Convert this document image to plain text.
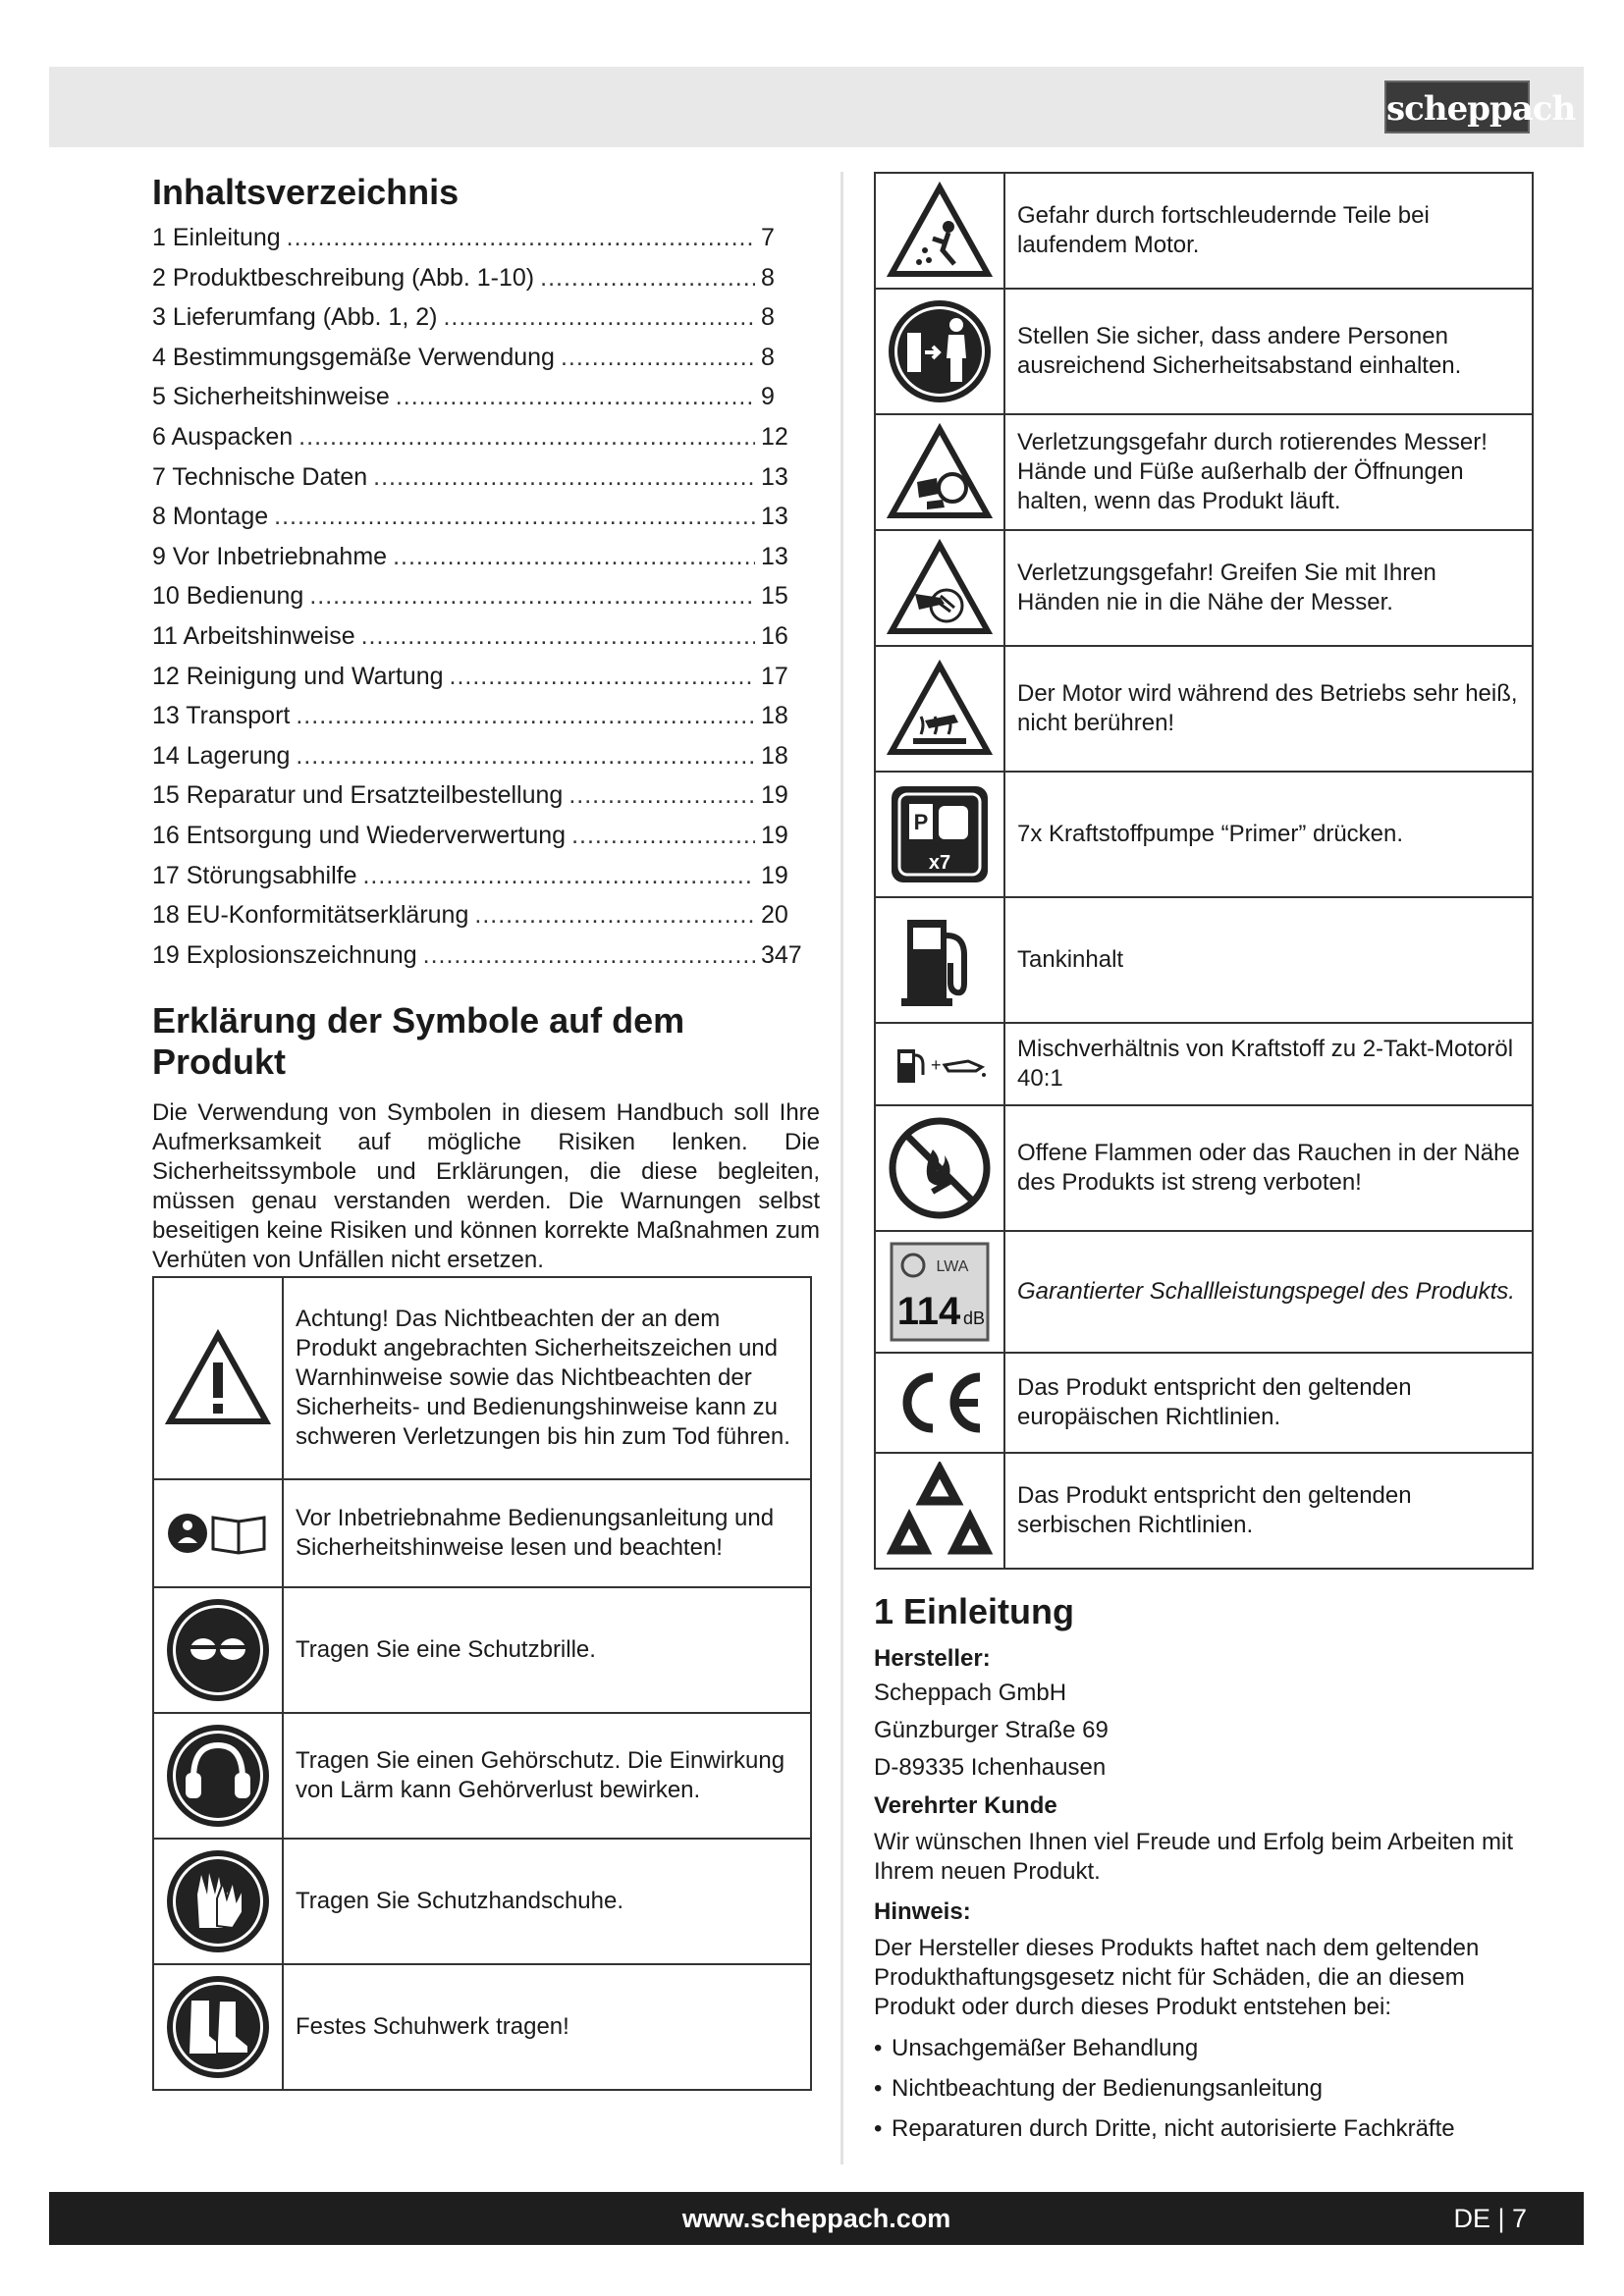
scheppach
Inhaltsverzeichnis
1 Einleitung .....	7
2 Produktbeschreibung (Abb. 1-10) .....	8
3 Lieferumfang (Abb. 1, 2) .....	8
4 Bestimmungsgemäße Verwendung .....	8
5 Sicherheitshinweise .....	9
6 Auspacken .....	12
7 Technische Daten .....	13
8 Montage .....	13
9 Vor Inbetriebnahme .....	13
10 Bedienung .....	15
11 Arbeitshinweise .....	16
12 Reinigung und Wartung .....	17
13 Transport .....	18
14 Lagerung .....	18
15 Reparatur und Ersatzteilbestellung .....	19
16 Entsorgung und Wiederverwertung .....	19
17 Störungsabhilfe .....	19
18 EU-Konformitätserklärung .....	20
19 Explosionszeichnung .....	347
Erklärung der Symbole auf dem Produkt
Die Verwendung von Symbolen in diesem Handbuch soll Ihre Aufmerksamkeit auf mögliche Risiken lenken. Die Sicherheitssymbole und Erklärungen, die diese begleiten, müssen genau verstanden werden. Die Warnungen selbst beseitigen keine Risiken und können korrekte Maßnahmen zum Verhüten von Unfällen nicht ersetzen.
	Achtung! Das Nichtbeachten der an dem Produkt angebrachten Sicherheitszeichen und Warnhinweise sowie das Nichtbeachten der Sicherheits- und Bedienungshinweise kann zu schweren Verletzungen bis hin zum Tod führen.

	Vor Inbetriebnahme Bedienungsanleitung und Sicherheitshinweise lesen und beachten!

	Tragen Sie eine Schutzbrille.

	Tragen Sie einen Gehörschutz. Die Einwirkung von Lärm kann Gehörverlust bewirken.

	Tragen Sie Schutzhandschuhe.

	Festes Schuhwerk tragen!
	Gefahr durch fortschleudernde Teile bei laufendem Motor.

	Stellen Sie sicher, dass andere Personen ausreichend Sicherheitsabstand einhalten.

	Verletzungsgefahr durch rotierendes Messer! Hände und Füße außerhalb der Öffnungen halten, wenn das Produkt läuft.

	Verletzungsgefahr! Greifen Sie mit Ihren Händen nie in die Nähe der Messer.

	Der Motor wird während des Betriebs sehr heiß, nicht berühren!

P
x7	7x Kraftstoffpumpe “Primer” drücken.

	Tankinhalt

+	Mischverhältnis von Kraftstoff zu 2-Takt-Motoröl 40:1

	Offene Flammen oder das Rauchen in der Nähe des Produkts ist streng verboten!

LWA
114 dB	Garantierter Schallleistungspegel des Produkts.

	Das Produkt entspricht den geltenden europäischen Richtlinien.

	Das Produkt entspricht den geltenden serbischen Richtlinien.
1 Einleitung
Hersteller:
Scheppach GmbH
Günzburger Straße 69
D-89335 Ichenhausen
Verehrter Kunde
Wir wünschen Ihnen viel Freude und Erfolg beim Arbeiten mit Ihrem neuen Produkt.
Hinweis:
Der Hersteller dieses Produkts haftet nach dem geltenden Produkthaftungsgesetz nicht für Schäden, die an diesem Produkt oder durch dieses Produkt entstehen bei:
• Unsachgemäßer Behandlung
• Nichtbeachtung der Bedienungsanleitung
• Reparaturen durch Dritte, nicht autorisierte Fachkräfte
www.scheppach.com	DE | 7
